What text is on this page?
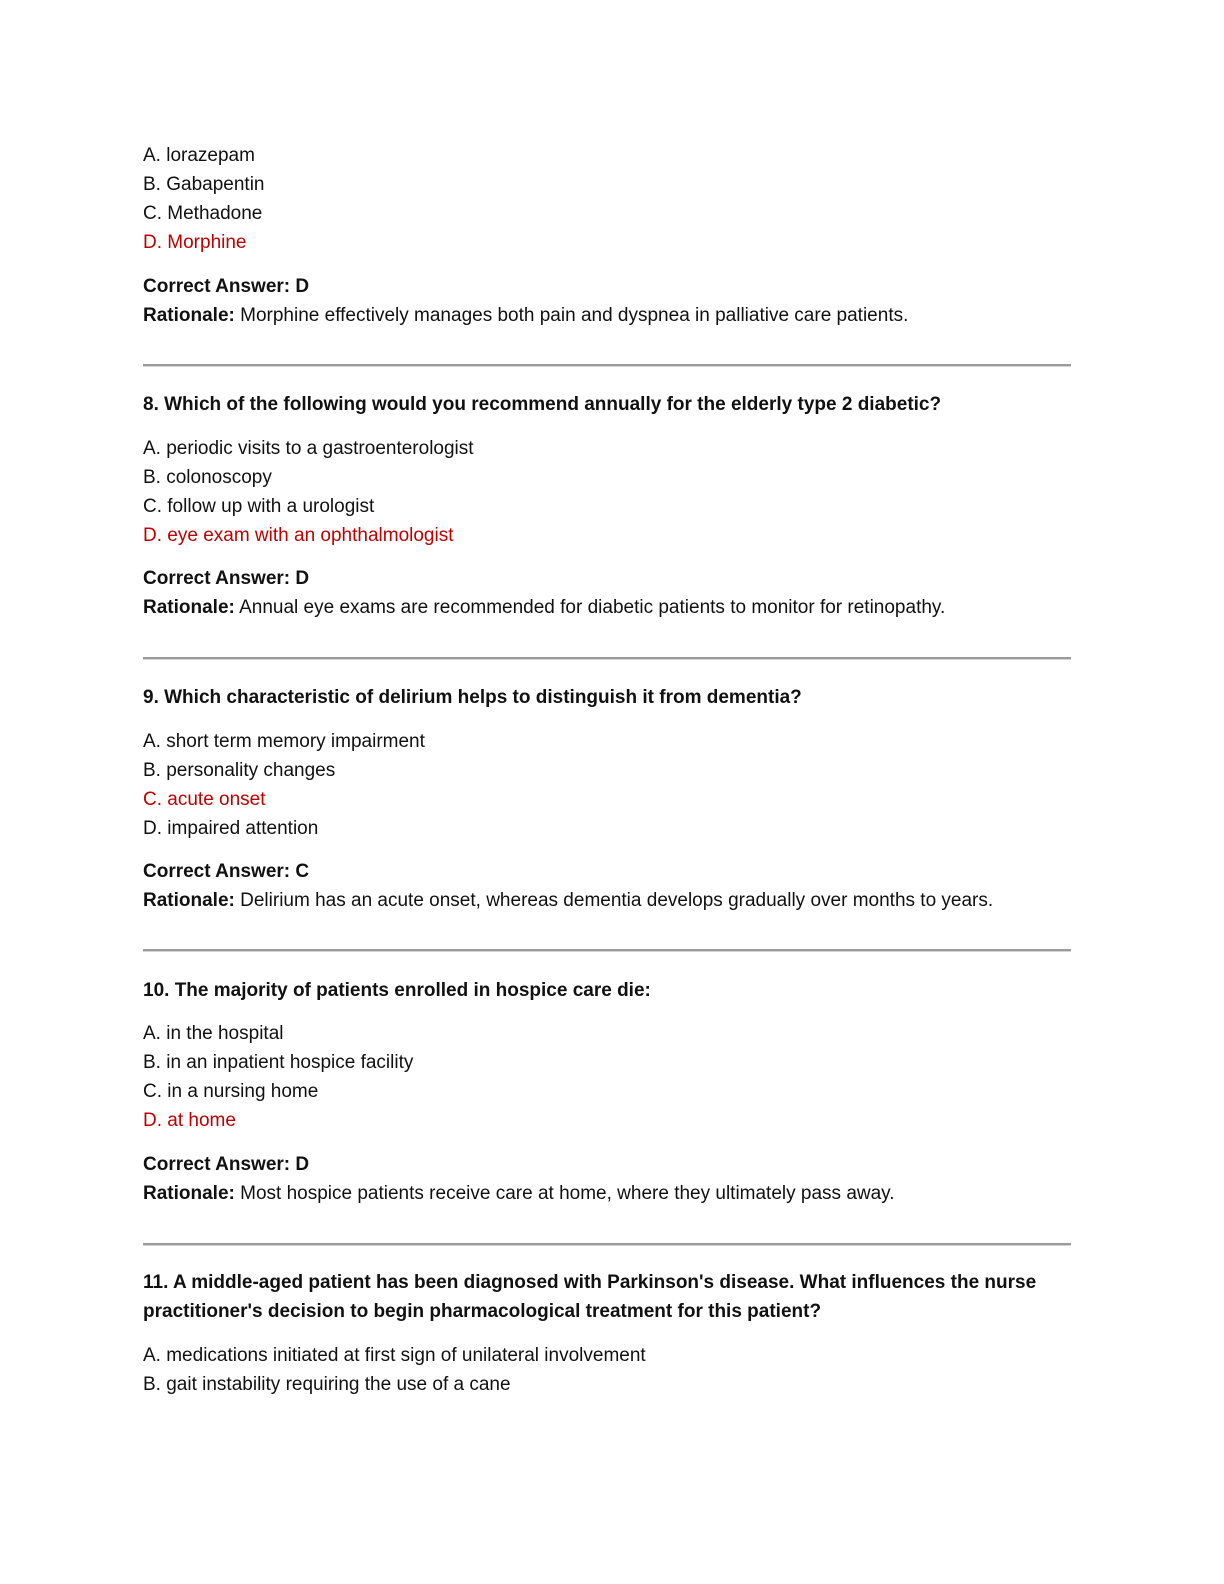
A. lorazepam
B. Gabapentin
C. Methadone
D. Morphine
Correct Answer: D
Rationale: Morphine effectively manages both pain and dyspnea in palliative care patients.
8. Which of the following would you recommend annually for the elderly type 2 diabetic?
A. periodic visits to a gastroenterologist
B. colonoscopy
C. follow up with a urologist
D. eye exam with an ophthalmologist
Correct Answer: D
Rationale: Annual eye exams are recommended for diabetic patients to monitor for retinopathy.
9. Which characteristic of delirium helps to distinguish it from dementia?
A. short term memory impairment
B. personality changes
C. acute onset
D. impaired attention
Correct Answer: C
Rationale: Delirium has an acute onset, whereas dementia develops gradually over months to years.
10. The majority of patients enrolled in hospice care die:
A. in the hospital
B. in an inpatient hospice facility
C. in a nursing home
D. at home
Correct Answer: D
Rationale: Most hospice patients receive care at home, where they ultimately pass away.
11. A middle-aged patient has been diagnosed with Parkinson's disease. What influences the nurse practitioner's decision to begin pharmacological treatment for this patient?
A. medications initiated at first sign of unilateral involvement
B. gait instability requiring the use of a cane
